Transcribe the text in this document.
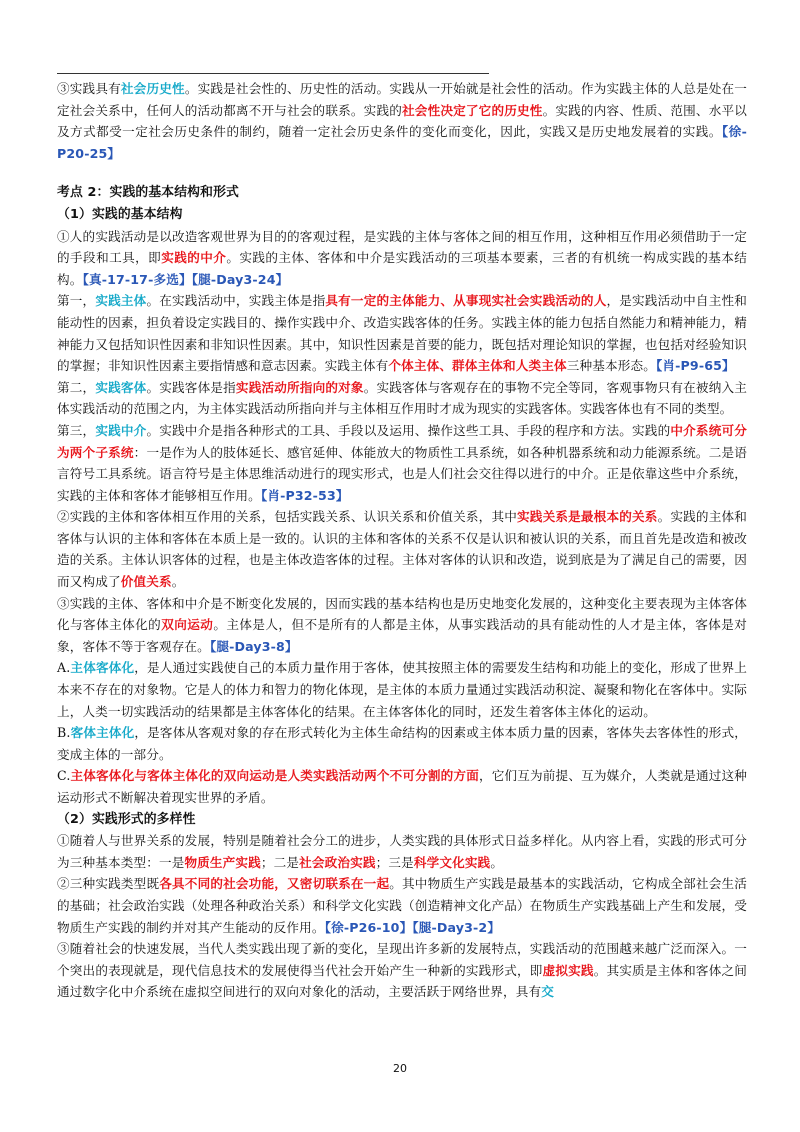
③实践具有社会历史性。实践是社会性的、历史性的活动。实践从一开始就是社会性的活动。作为实践主体的人总是处在一定社会关系中，任何人的活动都离不开与社会的联系。实践的社会性决定了它的历史性。实践的内容、性质、范围、水平以及方式都受一定社会历史条件的制约，随着一定社会历史条件的变化而变化，因此，实践又是历史地发展着的实践。【徐-P20-25】

考点 2：实践的基本结构和形式

（1）实践的基本结构

①人的实践活动是以改造客观世界为目的的客观过程，是实践的主体与客体之间的相互作用，这种相互作用必须借助于一定的手段和工具，即实践的中介。实践的主体、客体和中介是实践活动的三项基本要素，三者的有机统一构成实践的基本结构。【真-17-17-多选】【腿-Day3-24】

第一，实践主体。在实践活动中，实践主体是指具有一定的主体能力、从事现实社会实践活动的人，是实践活动中自主性和能动性的因素，担负着设定实践目的、操作实践中介、改造实践客体的任务。实践主体的能力包括自然能力和精神能力，精神能力又包括知识性因素和非知识性因素。其中，知识性因素是首要的能力，既包括对理论知识的掌握，也包括对经验知识的掌握；非知识性因素主要指情感和意志因素。实践主体有个体主体、群体主体和人类主体三种基本形态。【肖-P9-65】

第二，实践客体。实践客体是指实践活动所指向的对象。实践客体与客观存在的事物不完全等同，客观事物只有在被纳入主体实践活动的范围之内，为主体实践活动所指向并与主体相互作用时才成为现实的实践客体。实践客体也有不同的类型。

第三，实践中介。实践中介是指各种形式的工具、手段以及运用、操作这些工具、手段的程序和方法。实践的中介系统可分为两个子系统：一是作为人的肢体延长、感官延伸、体能放大的物质性工具系统，如各种机器系统和动力能源系统。二是语言符号工具系统。语言符号是主体思维活动进行的现实形式，也是人们社会交往得以进行的中介。正是依靠这些中介系统，实践的主体和客体才能够相互作用。【肖-P32-53】

②实践的主体和客体相互作用的关系，包括实践关系、认识关系和价值关系，其中实践关系是最根本的关系。实践的主体和客体与认识的主体和客体在本质上是一致的。认识的主体和客体的关系不仅是认识和被认识的关系，而且首先是改造和被改造的关系。主体认识客体的过程，也是主体改造客体的过程。主体对客体的认识和改造，说到底是为了满足自己的需要，因而又构成了价值关系。

③实践的主体、客体和中介是不断变化发展的，因而实践的基本结构也是历史地变化发展的，这种变化主要表现为主体客体化与客体主体化的双向运动。主体是人，但不是所有的人都是主体，从事实践活动的具有能动性的人才是主体，客体是对象，客体不等于客观存在。【腿-Day3-8】

A.主体客体化，是人通过实践使自己的本质力量作用于客体，使其按照主体的需要发生结构和功能上的变化，形成了世界上本来不存在的对象物。它是人的体力和智力的物化体现，是主体的本质力量通过实践活动积淀、凝聚和物化在客体中。实际上，人类一切实践活动的结果都是主体客体化的结果。在主体客体化的同时，还发生着客体主体化的运动。

B.客体主体化，是客体从客观对象的存在形式转化为主体生命结构的因素或主体本质力量的因素，客体失去客体性的形式，变成主体的一部分。

C.主体客体化与客体主体化的双向运动是人类实践活动两个不可分割的方面，它们互为前提、互为媒介，人类就是通过这种运动形式不断解决着现实世界的矛盾。

（2）实践形式的多样性

①随着人与世界关系的发展，特别是随着社会分工的进步，人类实践的具体形式日益多样化。从内容上看，实践的形式可分为三种基本类型：一是物质生产实践；二是社会政治实践；三是科学文化实践。

②三种实践类型既各具不同的社会功能，又密切联系在一起。其中物质生产实践是最基本的实践活动，它构成全部社会生活的基础；社会政治实践（处理各种政治关系）和科学文化实践（创造精神文化产品）在物质生产实践基础上产生和发展，受物质生产实践的制约并对其产生能动的反作用。【徐-P26-10】【腿-Day3-2】

③随着社会的快速发展，当代人类实践出现了新的变化，呈现出许多新的发展特点，实践活动的范围越来越广泛而深入。一个突出的表现就是，现代信息技术的发展使得当代社会开始产生一种新的实践形式，即虚拟实践。其实质是主体和客体之间通过数字化中介系统在虚拟空间进行的双向对象化的活动，主要活跃于网络世界，具有交

20
